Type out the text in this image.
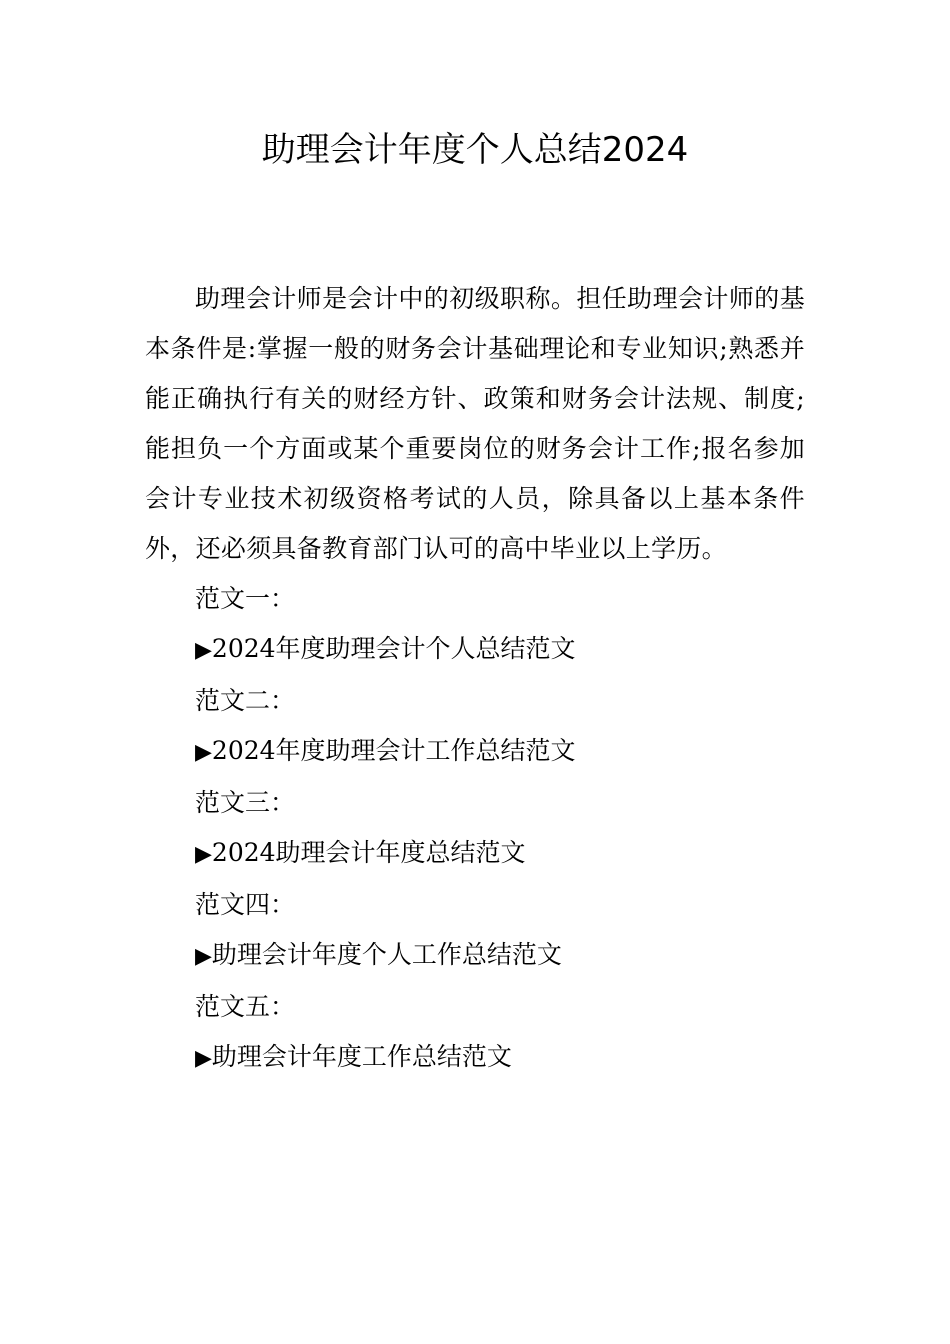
助理会计年度个人总结2024

助理会计师是会计中的初级职称。担任助理会计师的基本条件是:掌握一般的财务会计基础理论和专业知识;熟悉并能正确执行有关的财经方针、政策和财务会计法规、制度;能担负一个方面或某个重要岗位的财务会计工作;报名参加会计专业技术初级资格考试的人员，除具备以上基本条件外，还必须具备教育部门认可的高中毕业以上学历。

范文一：

▶2024年度助理会计个人总结范文

范文二：

▶2024年度助理会计工作总结范文

范文三：

▶2024助理会计年度总结范文

范文四：

▶助理会计年度个人工作总结范文

范文五：

▶助理会计年度工作总结范文
